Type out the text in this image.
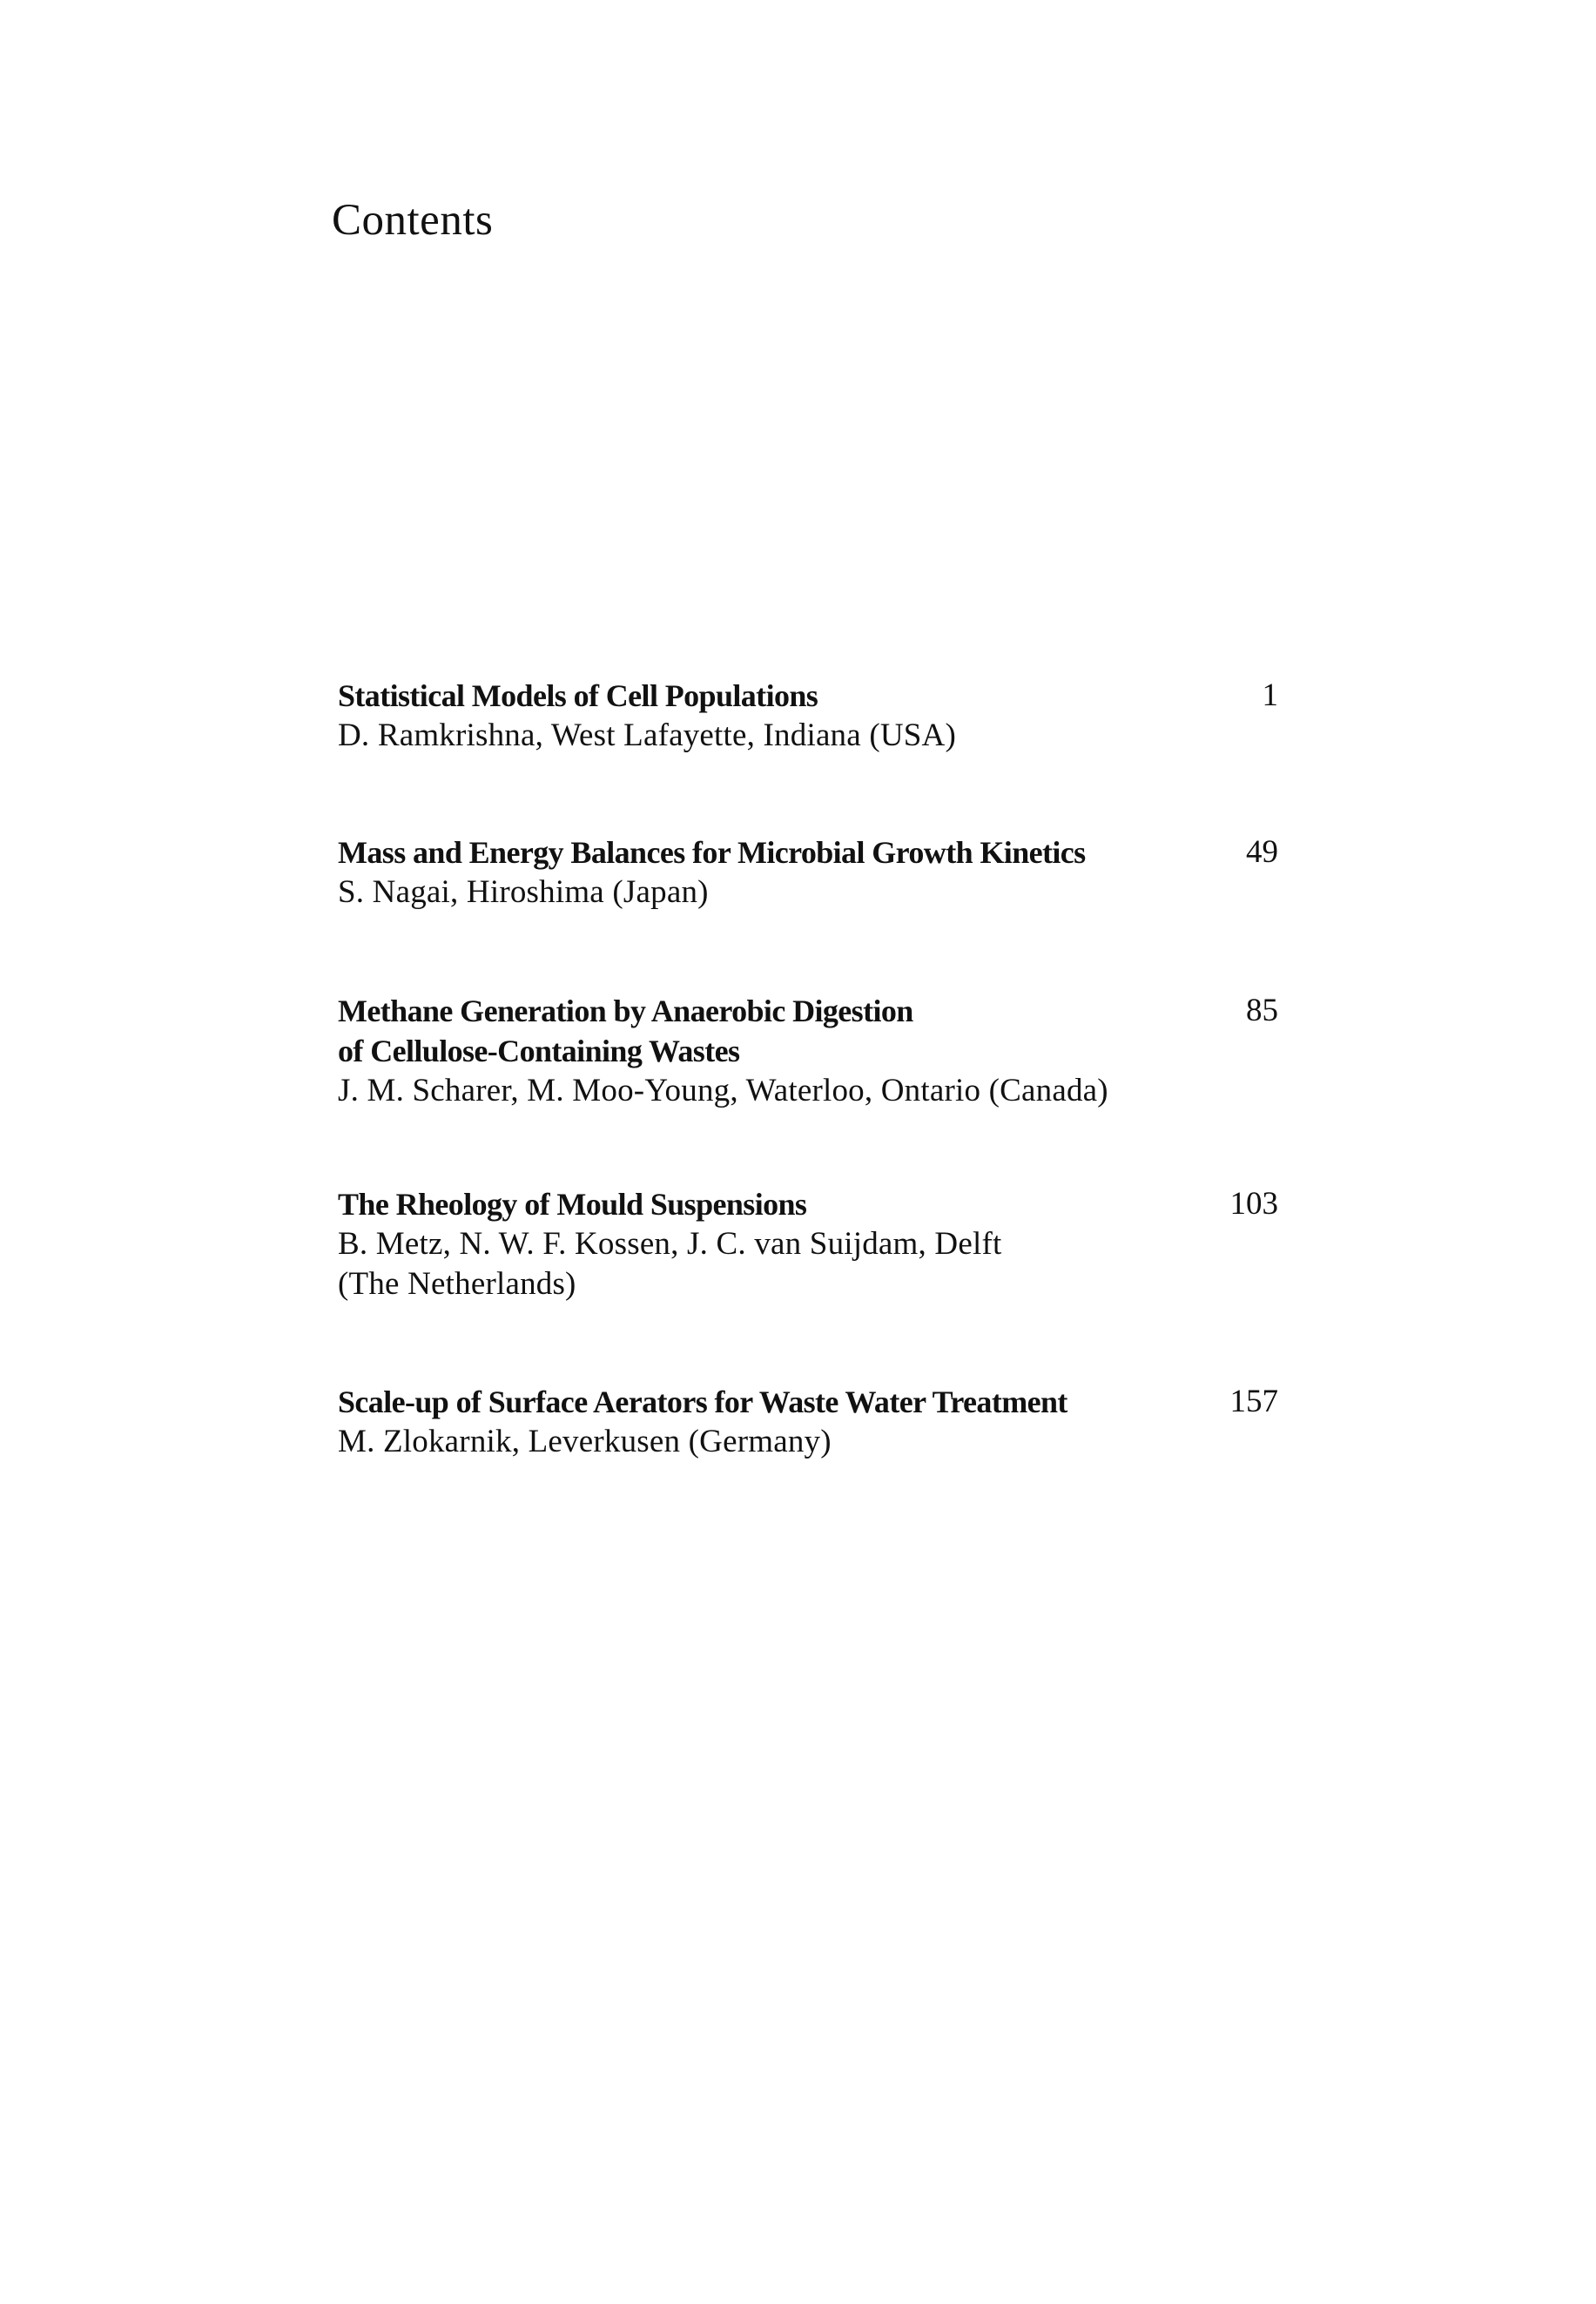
Contents
Statistical Models of Cell Populations
D. Ramkrishna, West Lafayette, Indiana (USA)
1
Mass and Energy Balances for Microbial Growth Kinetics
S. Nagai, Hiroshima (Japan)
49
Methane Generation by Anaerobic Digestion
of Cellulose-Containing Wastes
J. M. Scharer, M. Moo-Young, Waterloo, Ontario (Canada)
85
The Rheology of Mould Suspensions
B. Metz, N. W. F. Kossen, J. C. van Suijdam, Delft
(The Netherlands)
103
Scale-up of Surface Aerators for Waste Water Treatment
M. Zlokarnik, Leverkusen (Germany)
157
